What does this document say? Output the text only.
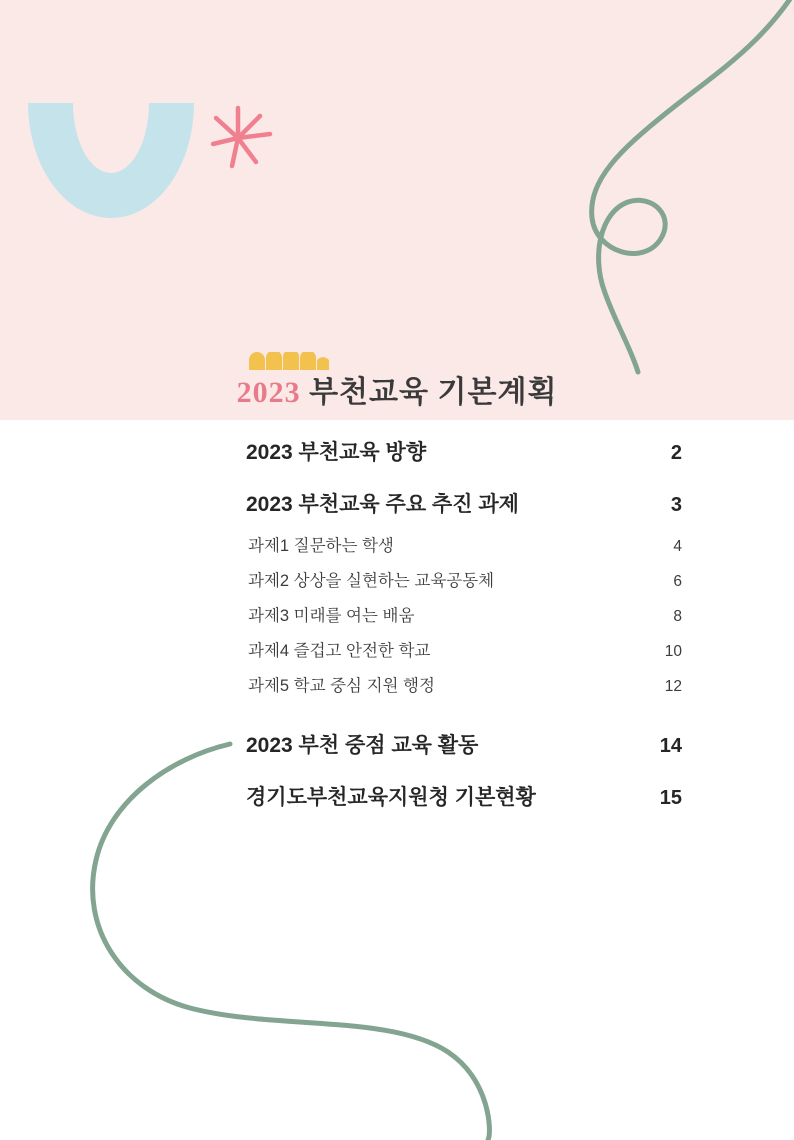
2023 부천교육 기본계획
2023 부천교육 방향	2
2023 부천교육 주요 추진 과제	3
과제1 질문하는 학생	4
과제2 상상을 실현하는 교육공동체	6
과제3 미래를 여는 배움	8
과제4 즐겁고 안전한 학교	10
과제5 학교 중심 지원 행정	12
2023 부천 중점 교육 활동	14
경기도부천교육지원청 기본현황	15
